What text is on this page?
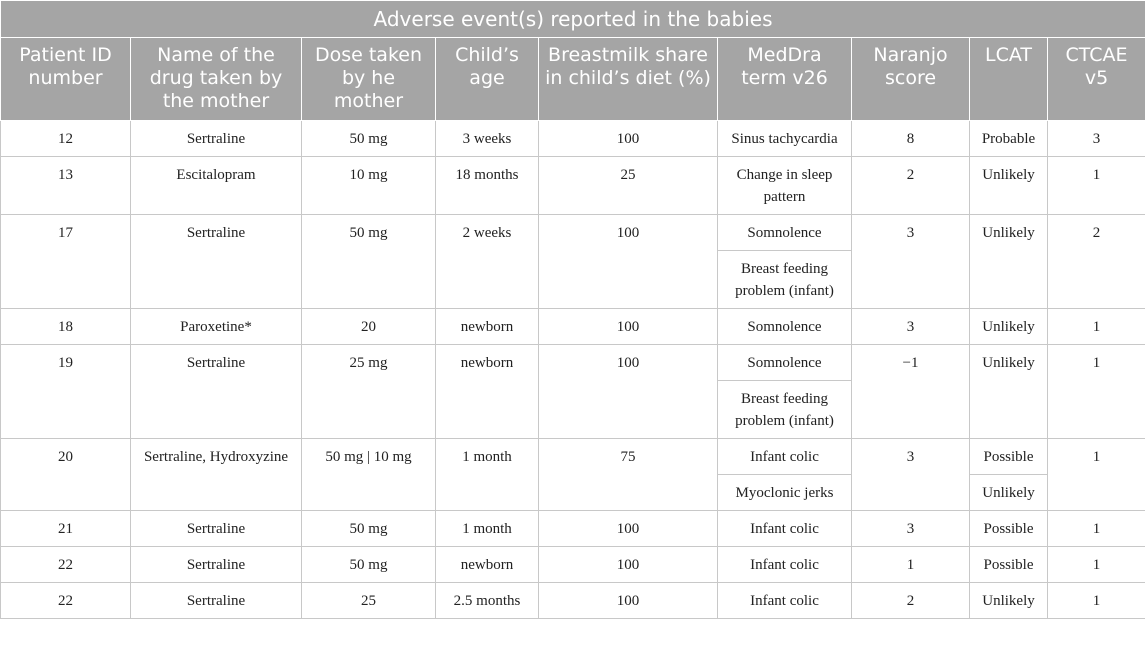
Adverse event(s) reported in the babies								
Patient ID number	Name of the drug taken by the mother	Dose taken by he mother	Child’s age	Breastmilk share in child’s diet (%)	MedDra term v26	Naranjo score	LCAT	CTCAE v5
12	Sertraline	50 mg	3 weeks	100	Sinus tachycardia	8	Probable	3
13	Escitalopram	10 mg	18 months	25	Change in sleep pattern	2	Unlikely	1
17	Sertraline	50 mg	2 weeks	100	Somnolence	3	Unlikely	2
					Breast feeding problem (infant)			
18	Paroxetine*	20	newborn	100	Somnolence	3	Unlikely	1
19	Sertraline	25 mg	newborn	100	Somnolence	−1	Unlikely	1
					Breast feeding problem (infant)			
20	Sertraline, Hydroxyzine	50 mg | 10 mg	1 month	75	Infant colic	3	Possible	1
					Myoclonic jerks		Unlikely	
21	Sertraline	50 mg	1 month	100	Infant colic	3	Possible	1
22	Sertraline	50 mg	newborn	100	Infant colic	1	Possible	1
22	Sertraline	25	2.5 months	100	Infant colic	2	Unlikely	1
